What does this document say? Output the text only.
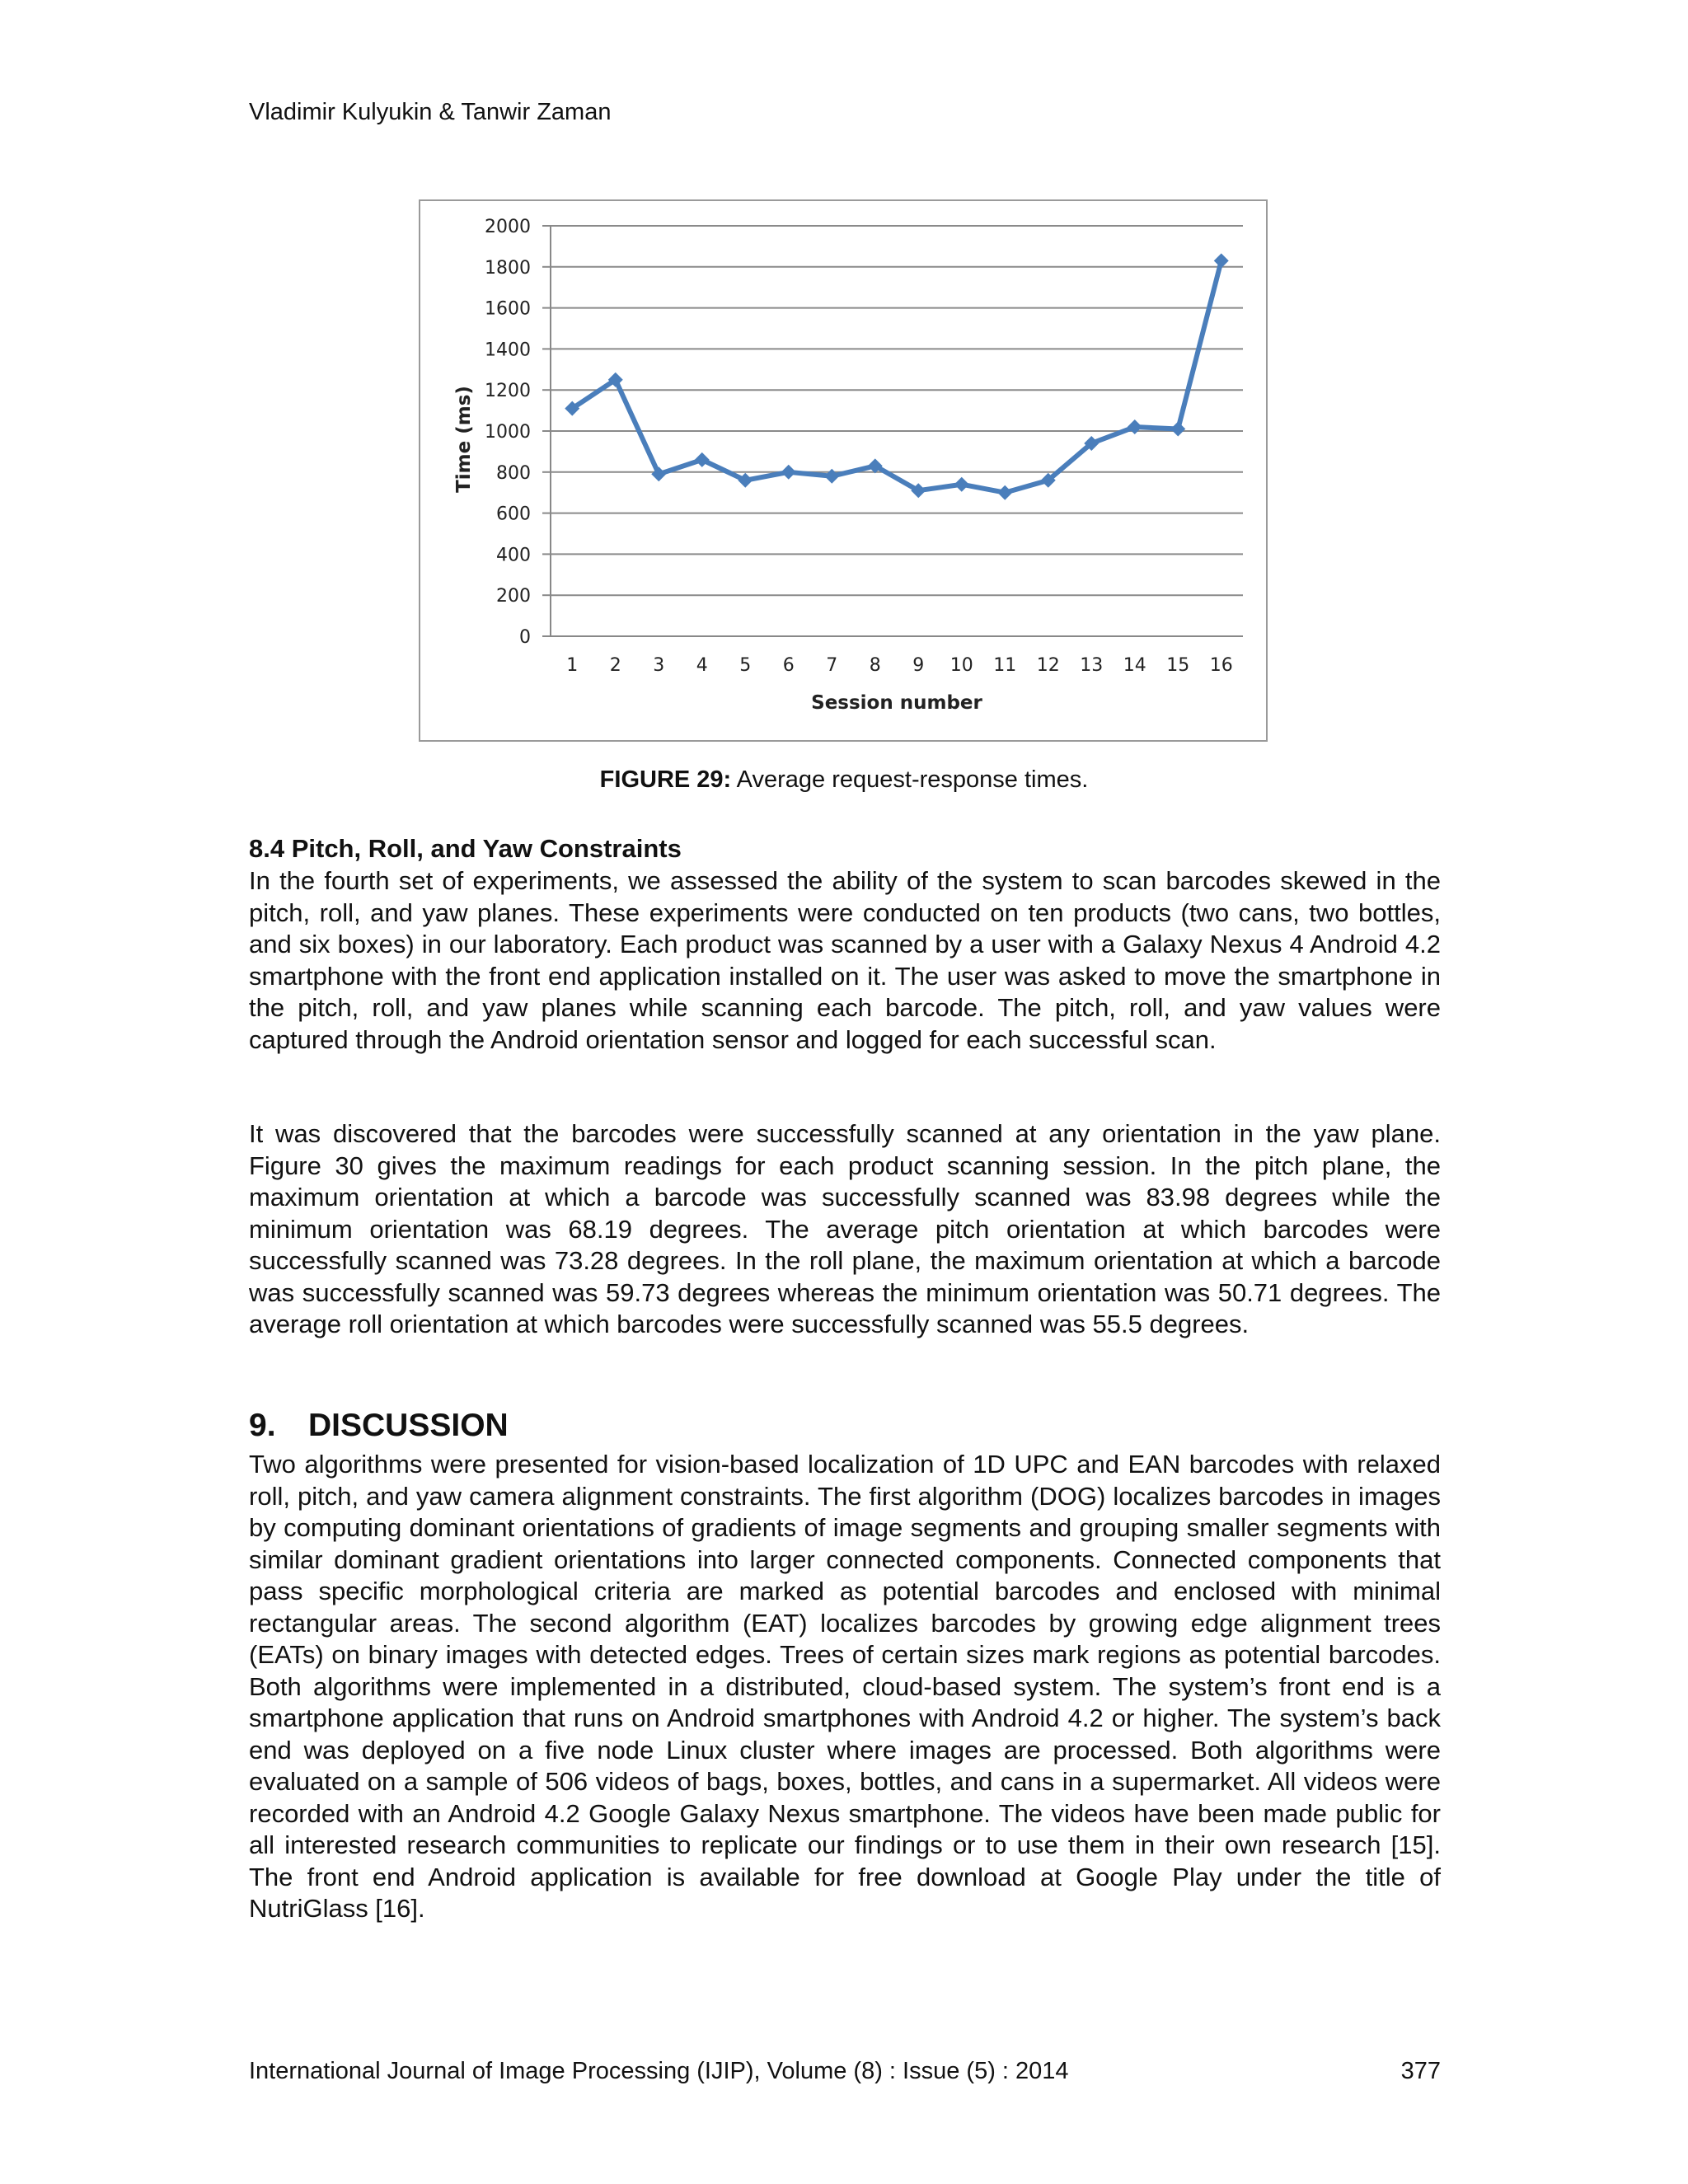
Vladimir Kulyukin & Tanwir Zaman
0
200
400
600
800
1000
1200
1400
1600
1800
2000
1 2 3 4 5 6 7 8 9 10 11 12 13 14 15 16
Session number
Time (ms)
FIGURE 29: Average request-response times.
8.4 Pitch, Roll, and Yaw Constraints

In the fourth set of experiments, we assessed the ability of the system to scan barcodes skewed in the pitch, roll, and yaw planes. These experiments were conducted on ten products (two cans, two bottles, and six boxes) in our laboratory. Each product was scanned by a user with a Galaxy Nexus 4 Android 4.2 smartphone with the front end application installed on it. The user was asked to move the smartphone in the pitch, roll, and yaw planes while scanning each barcode. The pitch, roll, and yaw values were captured through the Android orientation sensor and logged for each successful scan.

It was discovered that the barcodes were successfully scanned at any orientation in the yaw plane. Figure 30 gives the maximum readings for each product scanning session. In the pitch plane, the maximum orientation at which a barcode was successfully scanned was 83.98 degrees while the minimum orientation was 68.19 degrees. The average pitch orientation at which barcodes were successfully scanned was 73.28 degrees. In the roll plane, the maximum orientation at which a barcode was successfully scanned was 59.73 degrees whereas the minimum orientation was 50.71 degrees. The average roll orientation at which barcodes were successfully scanned was 55.5 degrees.

9. DISCUSSION

Two algorithms were presented for vision-based localization of 1D UPC and EAN barcodes with relaxed roll, pitch, and yaw camera alignment constraints. The first algorithm (DOG) localizes barcodes in images by computing dominant orientations of gradients of image segments and grouping smaller segments with similar dominant gradient orientations into larger connected components. Connected components that pass specific morphological criteria are marked as potential barcodes and enclosed with minimal rectangular areas. The second algorithm (EAT) localizes barcodes by growing edge alignment trees (EATs) on binary images with detected edges. Trees of certain sizes mark regions as potential barcodes. Both algorithms were implemented in a distributed, cloud-based system. The system’s front end is a smartphone application that runs on Android smartphones with Android 4.2 or higher. The system’s back end was deployed on a five node Linux cluster where images are processed. Both algorithms were evaluated on a sample of 506 videos of bags, boxes, bottles, and cans in a supermarket. All videos were recorded with an Android 4.2 Google Galaxy Nexus smartphone. The videos have been made public for all interested research communities to replicate our findings or to use them in their own research [15]. The front end Android application is available for free download at Google Play under the title of NutriGlass [16].

International Journal of Image Processing (IJIP), Volume (8) : Issue (5) : 2014	377
